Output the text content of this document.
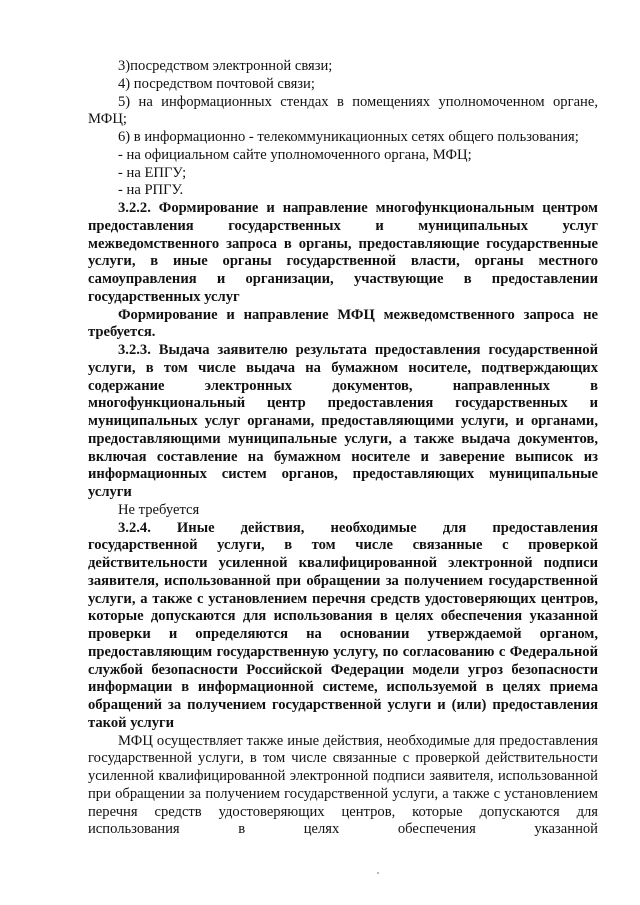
3)посредством электронной связи;

4) посредством почтовой связи;

5) на информационных стендах в помещениях уполномоченном органе, МФЦ;

6) в информационно - телекоммуникационных сетях общего пользования;

- на официальном сайте уполномоченного органа, МФЦ;

- на ЕПГУ;

- на РПГУ.

3.2.2. Формирование и направление многофункциональным центром предоставления государственных и муниципальных услуг межведомственного запроса в органы, предоставляющие государственные услуги, в иные органы государственной власти, органы местного самоуправления и организации, участвующие в предоставлении государственных услуг

Формирование и направление МФЦ межведомственного запроса не требуется.

3.2.3. Выдача заявителю результата предоставления государственной услуги, в том числе выдача на бумажном носителе, подтверждающих содержание электронных документов, направленных в многофункциональный центр предоставления государственных и муниципальных услуг органами, предоставляющими услуги, и органами, предоставляющими муниципальные услуги, а также выдача документов, включая составление на бумажном носителе и заверение выписок из информационных систем органов, предоставляющих муниципальные услуги

Не требуется

3.2.4. Иные действия, необходимые для предоставления государственной услуги, в том числе связанные с проверкой действительности усиленной квалифицированной электронной подписи заявителя, использованной при обращении за получением государственной услуги, а также с установлением перечня средств удостоверяющих центров, которые допускаются для использования в целях обеспечения указанной проверки и определяются на основании утверждаемой органом, предоставляющим государственную услугу, по согласованию с Федеральной службой безопасности Российской Федерации модели угроз безопасности информации в информационной системе, используемой в целях приема обращений за получением государственной услуги и (или) предоставления такой услуги

МФЦ осуществляет также иные действия, необходимые для предоставления государственной услуги, в том числе связанные с проверкой действительности усиленной квалифицированной электронной подписи заявителя, использованной при обращении за получением государственной услуги, а также с установлением перечня средств удостоверяющих центров, которые допускаются для использования в целях обеспечения указанной
